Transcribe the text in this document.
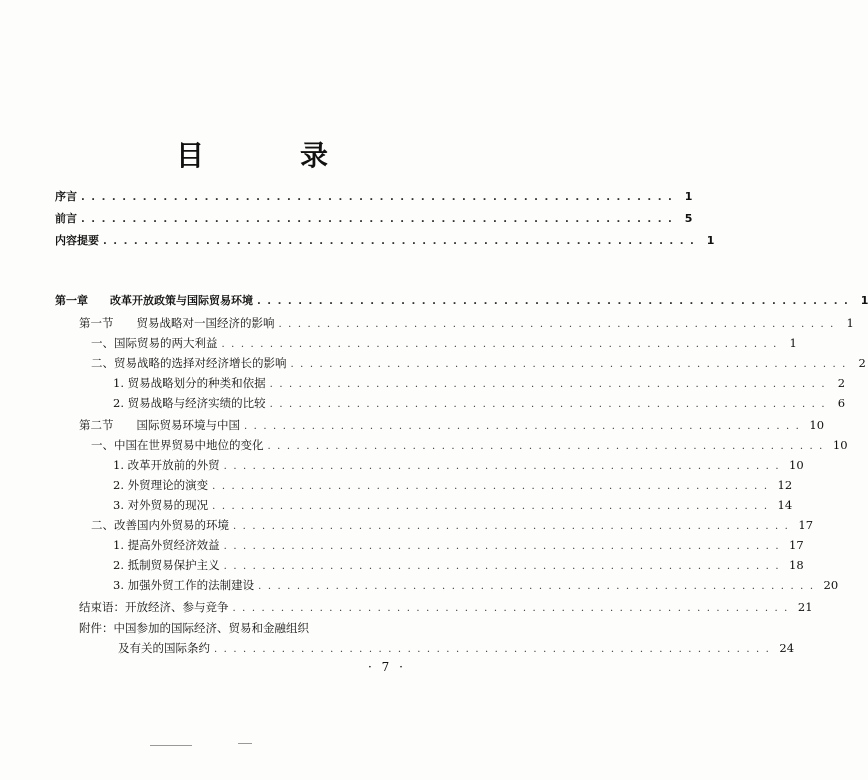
目　录
序言 .......................................................... 1
前言 .......................................................... 5
内容提要 .......................................................... 1
第一章　　改革开放政策与国际贸易环境 .......................................................... 1
第一节　　贸易战略对一国经济的影响 .......................................................... 1
一、国际贸易的两大利益 .......................................................... 1
二、贸易战略的选择对经济增长的影响 .......................................................... 2
1. 贸易战略划分的种类和依据 .......................................................... 2
2. 贸易战略与经济实绩的比较 .......................................................... 6
第二节　　国际贸易环境与中国 .......................................................... 10
一、中国在世界贸易中地位的变化 .......................................................... 10
1. 改革开放前的外贸 .......................................................... 10
2. 外贸理论的演变 .......................................................... 12
3. 对外贸易的现况 .......................................................... 14
二、改善国内外贸易的环境 .......................................................... 17
1. 提高外贸经济效益 .......................................................... 17
2. 抵制贸易保护主义 .......................................................... 18
3. 加强外贸工作的法制建设 .......................................................... 20
结束语：开放经济、参与竞争 .......................................................... 21
附件：中国参加的国际经济、贸易和金融组织
及有关的国际条约 .......................................................... 24
· 7 ·
